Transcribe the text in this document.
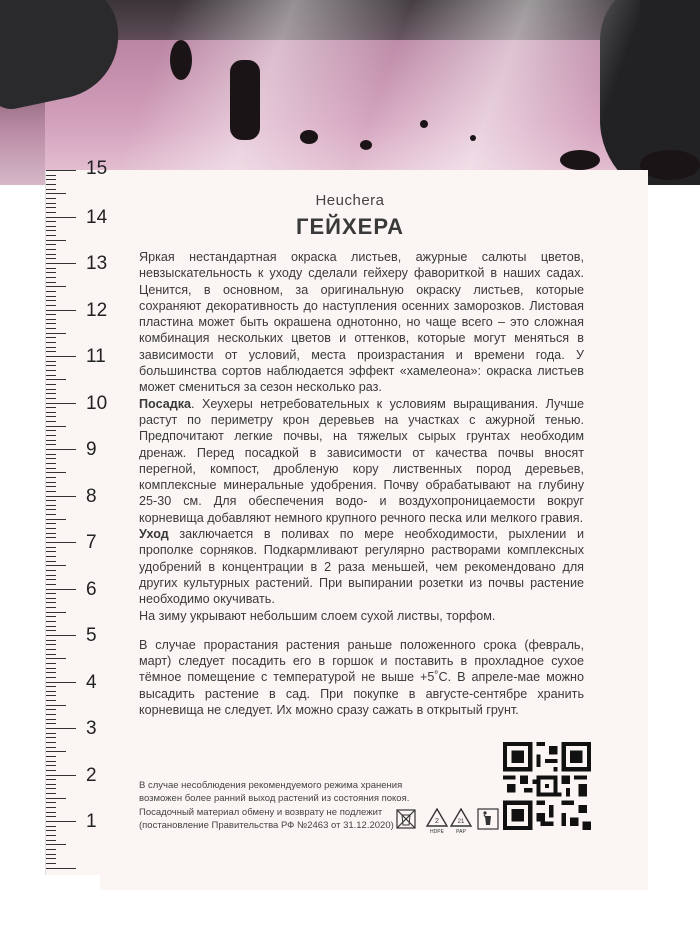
15
14
13
12
11
10
9
8
7
6
5
4
3
2
1
Heuchera
ГЕЙХЕРА

Яркая нестандартная окраска листьев, ажурные салюты цветов, невзыскательность к уходу сделали гейхеру фавориткой в наших садах. Ценится, в основном, за оригинальную окраску листьев, которые сохраняют декоративность до наступления осенних заморозков. Листовая пластина может быть окрашена однотонно, но чаще всего – это сложная комбинация нескольких цветов и оттенков, которые могут меняться в зависимости от условий, места произрастания и времени года. У большинства сортов наблюдается эффект «хамелеона»: окраска листьев может смениться за сезон несколько раз.

Посадка. Хеухеры нетребовательных к условиям выращивания. Лучше растут по периметру крон деревьев на участках с ажурной тенью. Предпочитают легкие почвы, на тяжелых сырых грунтах необходим дренаж. Перед посадкой в зависимости от качества почвы вносят перегной, компост, дробленую кору лиственных пород деревьев, комплексные минеральные удобрения. Почву обрабатывают на глубину 25-30 см. Для обеспечения водо- и воздухопроницаемости вокруг корневища добавляют немного крупного речного песка или мелкого гравия.

Уход заключается в поливах по мере необходимости, рыхлении и прополке сорняков. Подкармливают регулярно растворами комплексных удобрений в концентрации в 2 раза меньшей, чем рекомендовано для других культурных растений. При выпирании розетки из почвы растение необходимо окучивать.

На зиму укрывают небольшим слоем сухой листвы, торфом.

В случае прорастания растения раньше положенного срока (февраль, март) следует посадить его в горшок и поставить в прохладное сухое тёмное помещение с температурой не выше +5˚С. В апреле-мае можно высадить растение в сад. При покупке в августе-сентябре хранить корневища не следует. Их можно сразу сажать в открытый грунт.

В случае несоблюдения рекомендуемого режима хранения
возможен более ранний выход растений из состояния покоя.
Посадочный материал обмену и возврату не подлежит
(постановление Правительства РФ №2463 от 31.12.2020)	2
HDPE
21
PAP
